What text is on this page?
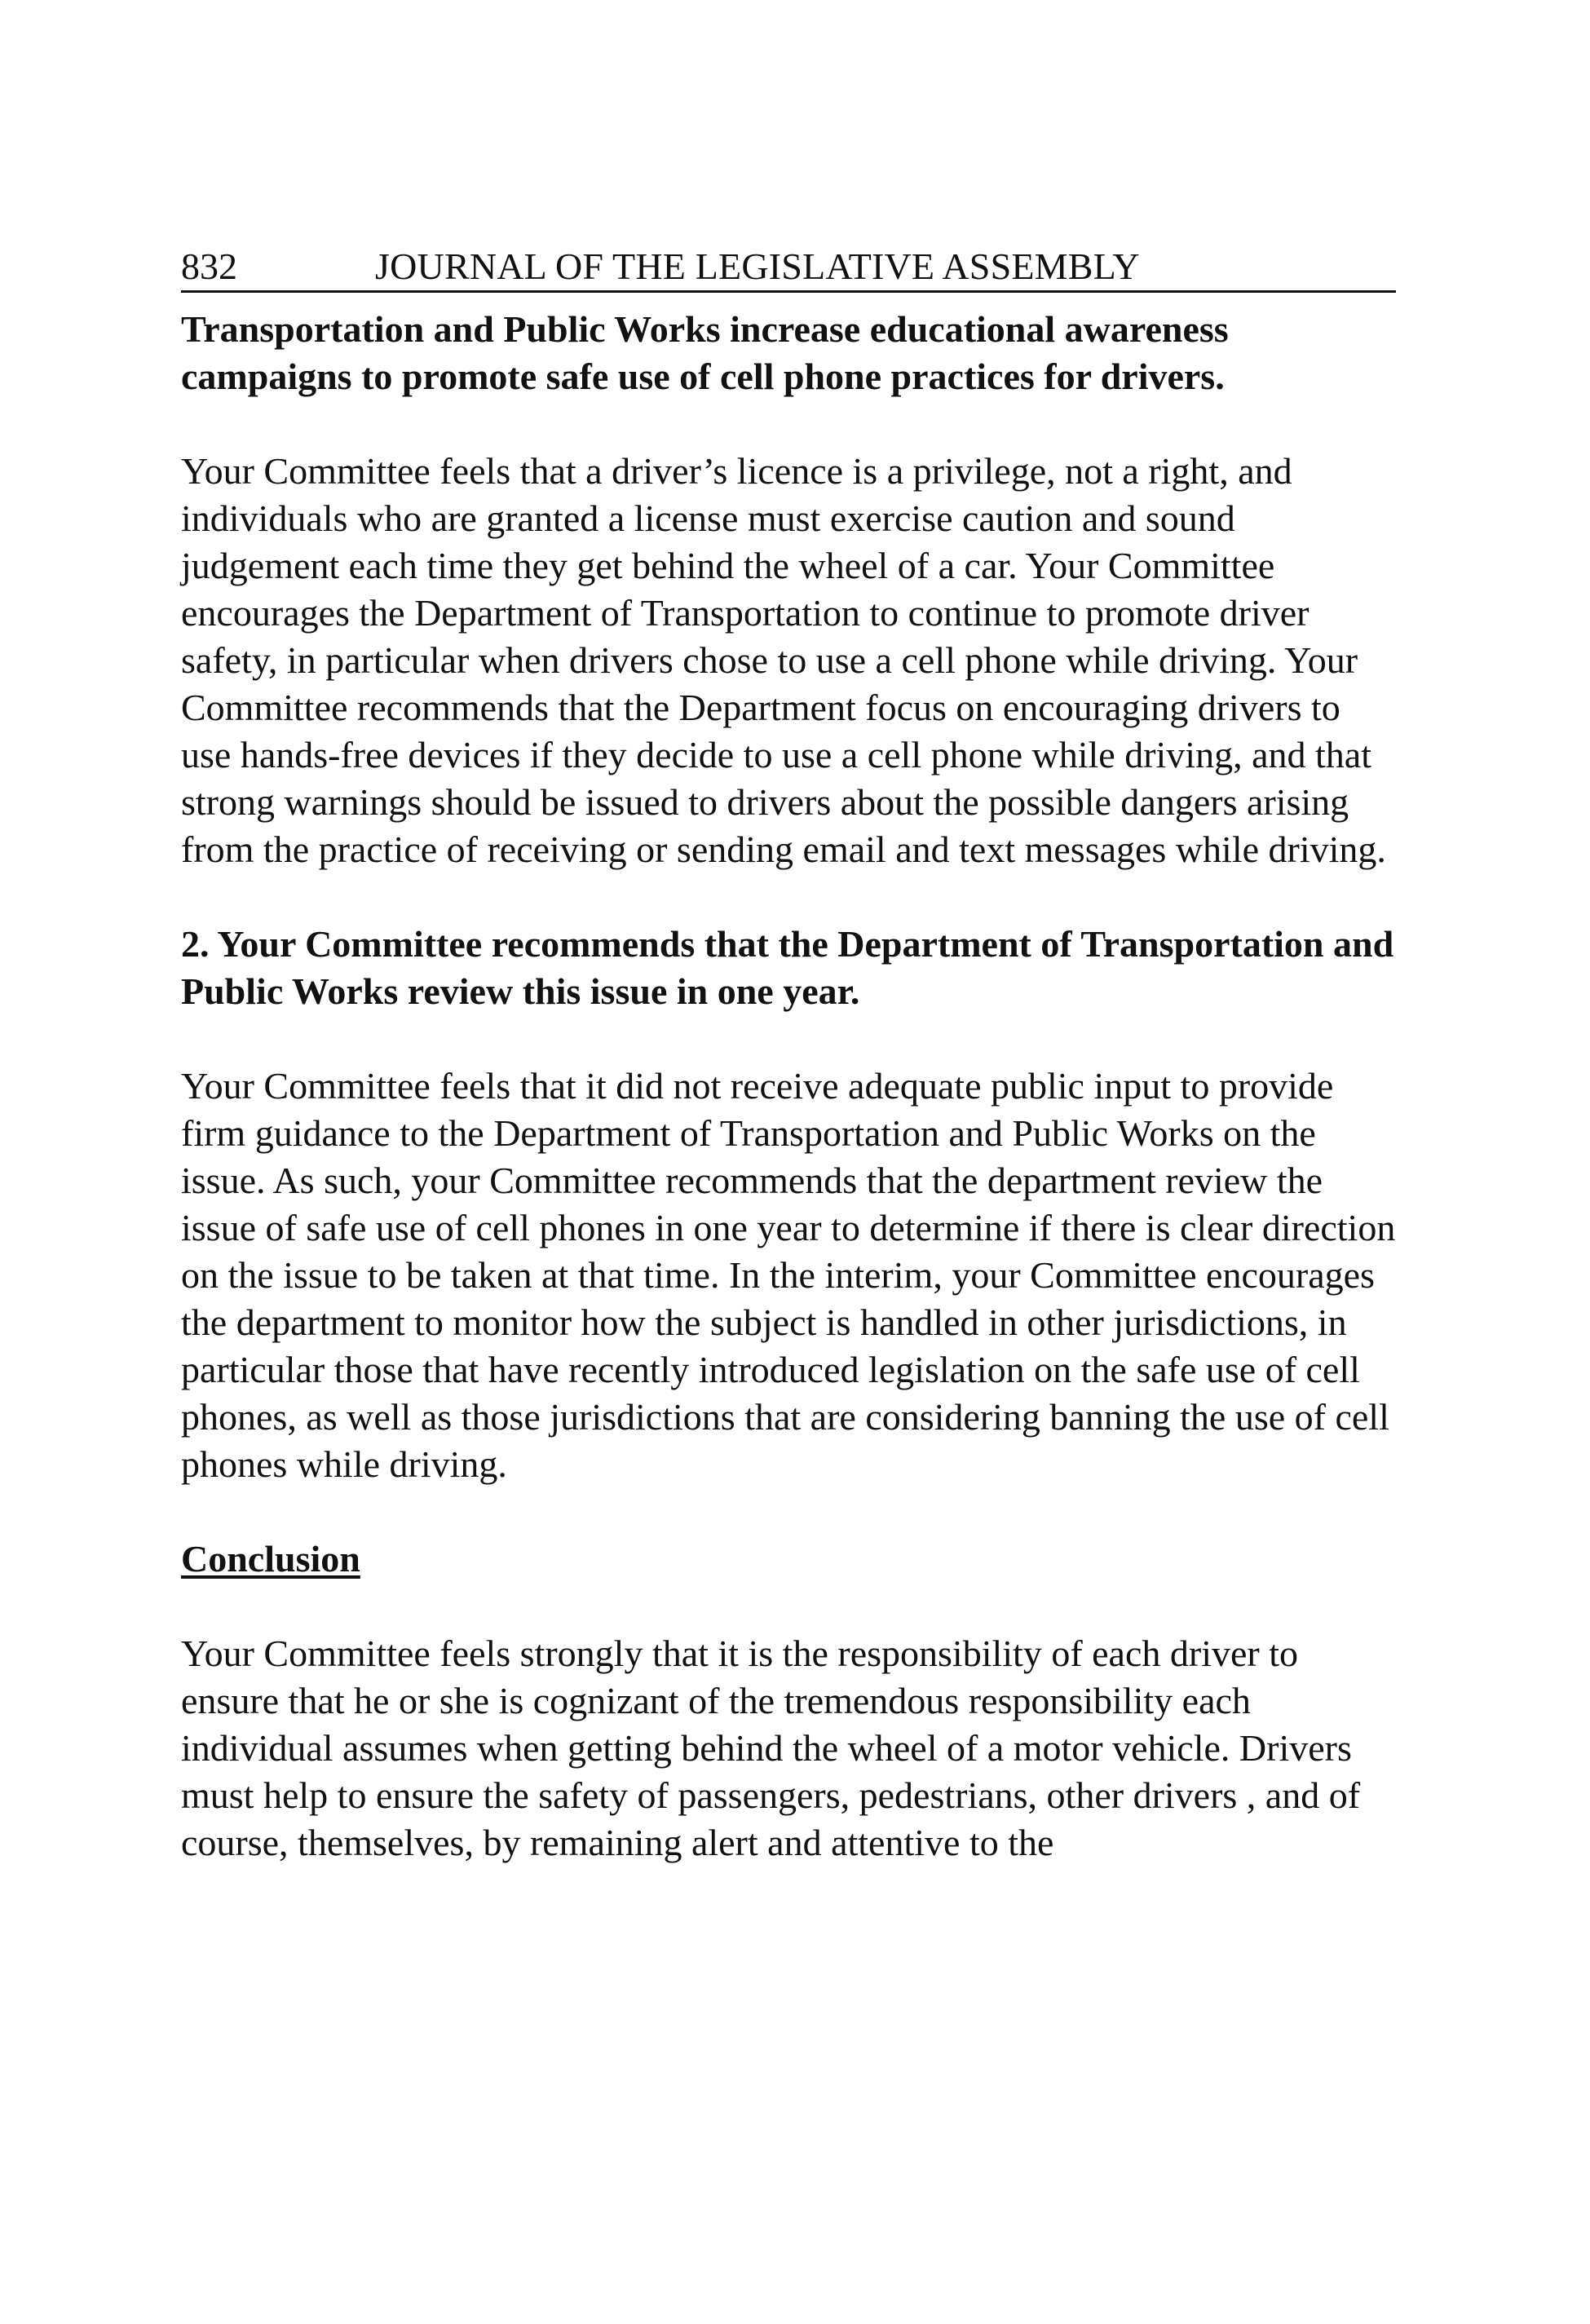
832	JOURNAL OF THE LEGISLATIVE ASSEMBLY

Transportation and Public Works increase educational awareness campaigns to promote safe use of cell phone practices for drivers.

Your Committee feels that a driver’s licence is a privilege, not a right, and individuals who are granted a license must exercise caution and sound judgement each time they get behind the wheel of a car. Your Committee encourages the Department of Transportation to continue to promote driver safety, in particular when drivers chose to use a cell phone while driving. Your Committee recommends that the Department focus on encouraging drivers to use hands-free devices if they decide to use a cell phone while driving, and that strong warnings should be issued to drivers about the possible dangers arising from the practice of receiving or sending email and text messages while driving.

2. Your Committee recommends that the Department of Transportation and Public Works review this issue in one year.

Your Committee feels that it did not receive adequate public input to provide firm guidance to the Department of Transportation and Public Works on the issue. As such, your Committee recommends that the department review the issue of safe use of cell phones in one year to determine if there is clear direction on the issue to be taken at that time. In the interim, your Committee encourages the department to monitor how the subject is handled in other jurisdictions, in particular those that have recently introduced legislation on the safe use of cell phones, as well as those jurisdictions that are considering banning the use of cell phones while driving.

Conclusion

Your Committee feels strongly that it is the responsibility of each driver to ensure that he or she is cognizant of the tremendous responsibility each individual assumes when getting behind the wheel of a motor vehicle. Drivers must help to ensure the safety of passengers, pedestrians, other drivers , and of course, themselves, by remaining alert and attentive to the
